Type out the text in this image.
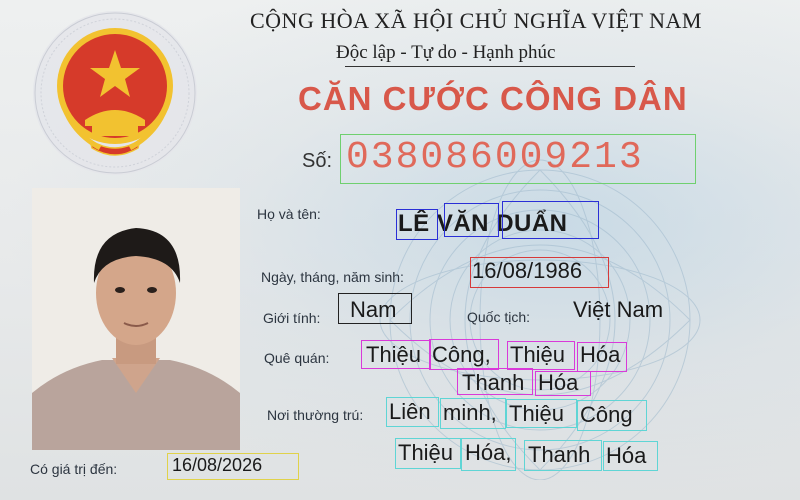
CỘNG HÒA XÃ HỘI CHỦ NGHĨA VIỆT NAM
Độc lập - Tự do - Hạnh phúc
CĂN CƯỚC CÔNG DÂN
Số: 038086009213
Họ và tên:	LÊ VĂN DUẨN
Ngày, tháng, năm sinh:	16/08/1986
Giới tính: Nam	Quốc tịch: Việt Nam
Quê quán: Thiệu Công, Thiệu Hóa
Thanh Hóa
Nơi thường trú: Liên minh, Thiệu Công
Thiệu Hóa, Thanh Hóa
Có giá trị đến:	16/08/2026
